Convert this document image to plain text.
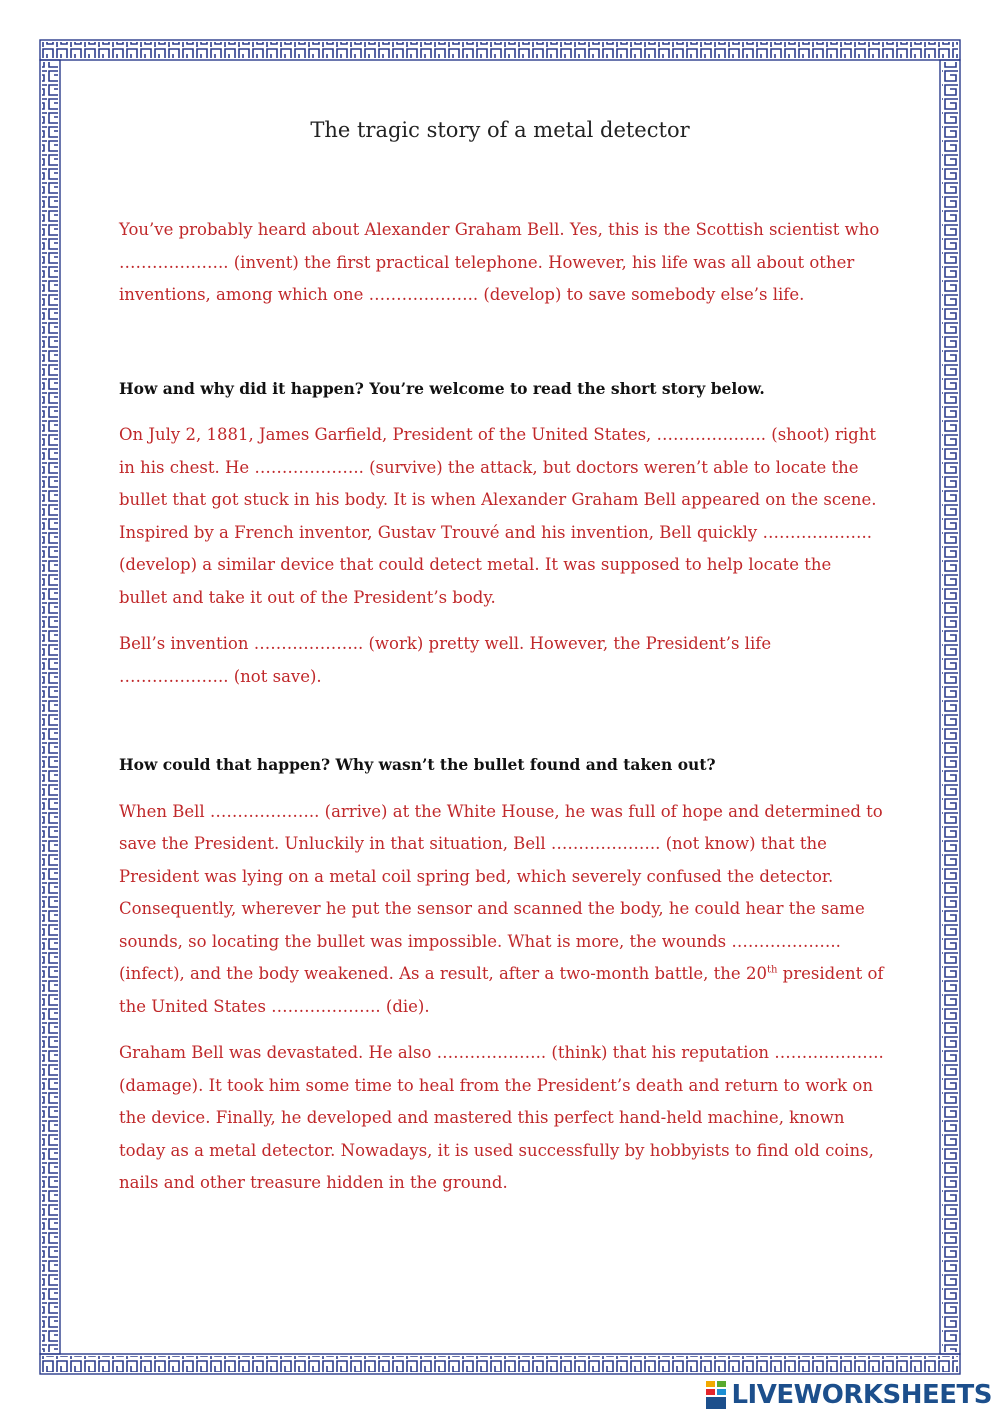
The tragic story of a metal detector

You’ve probably heard about Alexander Graham Bell. Yes, this is the Scottish scientist who ……………….. (invent) the first practical telephone. However, his life was all about other inventions, among which one ……………….. (develop) to save somebody else’s life.

How and why did it happen? You’re welcome to read the short story below.

On July 2, 1881, James Garfield, President of the United States, ……………….. (shoot) right in his chest. He ……………….. (survive) the attack, but doctors weren’t able to locate the bullet that got stuck in his body. It is when Alexander Graham Bell appeared on the scene. Inspired by a French inventor, Gustav Trouvé and his invention, Bell quickly ……………….. (develop) a similar device that could detect metal. It was supposed to help locate the bullet and take it out of the President’s body.

Bell’s invention ……………….. (work) pretty well. However, the President’s life ……………….. (not save).

How could that happen? Why wasn’t the bullet found and taken out?

When Bell ……………….. (arrive) at the White House, he was full of hope and determined to save the President. Unluckily in that situation, Bell ……………….. (not know) that the President was lying on a metal coil spring bed, which severely confused the detector. Consequently, wherever he put the sensor and scanned the body, he could hear the same sounds, so locating the bullet was impossible. What is more, the wounds ……………….. (infect), and the body weakened. As a result, after a two-month battle, the 20th president of the United States ……………….. (die).

Graham Bell was devastated. He also ……………….. (think) that his reputation ……………….. (damage). It took him some time to heal from the President’s death and return to work on the device. Finally, he developed and mastered this perfect hand-held machine, known today as a metal detector. Nowadays, it is used successfully by hobbyists to find old coins, nails and other treasure hidden in the ground.

LIVEWORKSHEETS
